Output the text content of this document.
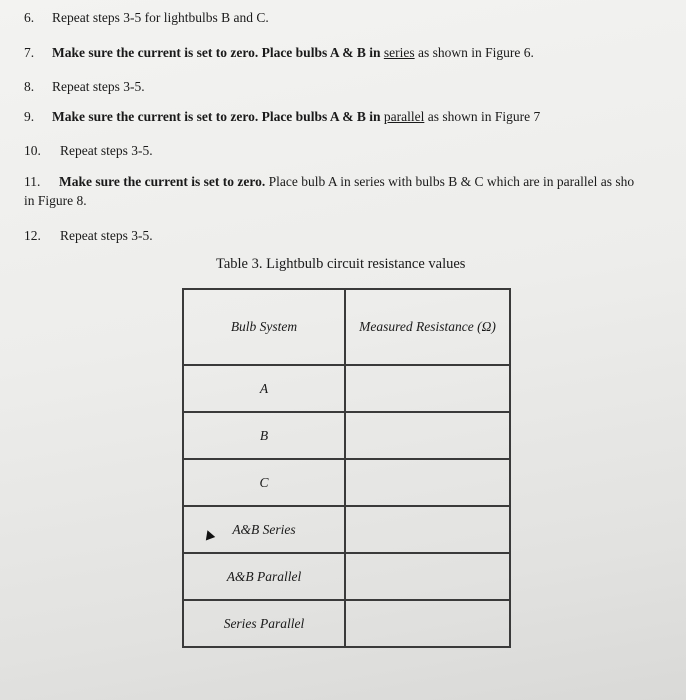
6. Repeat steps 3-5 for lightbulbs B and C.
7. Make sure the current is set to zero. Place bulbs A & B in series as shown in Figure 6.
8. Repeat steps 3-5.
9. Make sure the current is set to zero. Place bulbs A & B in parallel as shown in Figure 7
10. Repeat steps 3-5.
11. Make sure the current is set to zero. Place bulb A in series with bulbs B & C which are in parallel as sho
in Figure 8.
12. Repeat steps 3-5.
Table 3. Lightbulb circuit resistance values
Bulb System	Measured Resistance (Ω)
A	
B	
C	
A&B Series	
A&B Parallel	
Series Parallel	
